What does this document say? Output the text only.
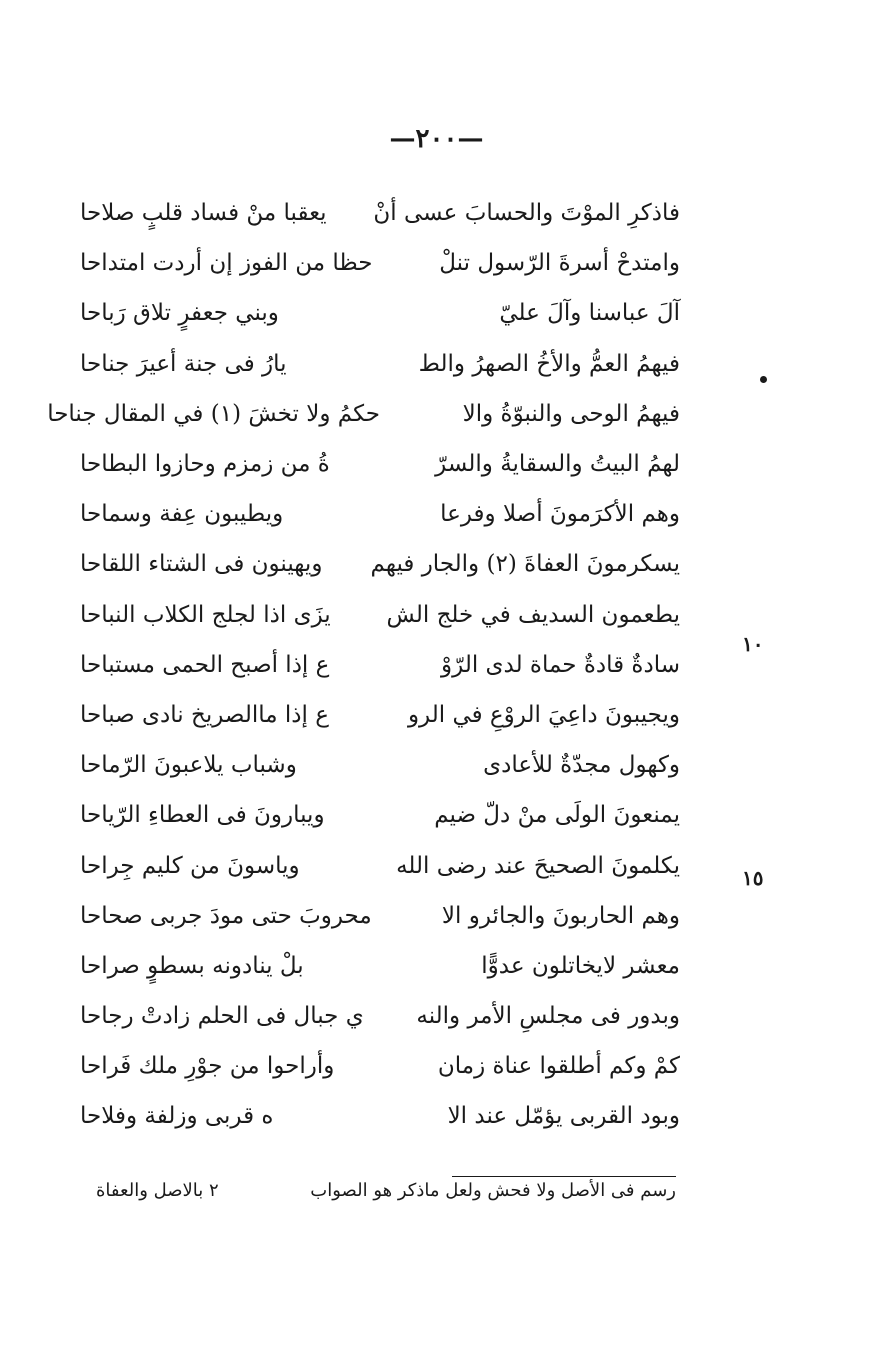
—٢٠٠—
١٠
١٥
فاذكرِ الموْتَ والحسابَ عسى أنْ
يعقبا منْ فساد قلبٍ صلاحا
وامتدحْ أسرةَ الرّسول تنلْ
حظا من الفوز إن أردت امتداحا
آلَ عباسنا وآلَ عليّ
وبني جعفرٍ تلاق رَباحا
فيهمُ العمُّ والأخُ الصهرُ والط
يارُ فى جنة أعيرَ جناحا
فيهمُ الوحى والنبوّةُ والا
حكمُ ولا تخشَ (١) في المقال جناحا
لهمُ البيتُ والسقايةُ والسرّ
ةُ من زمزم وحازوا البطاحا
وهم الأكرَمونَ أصلا وفرعا
ويطيبون عِفة وسماحا
يسكرمونَ العفاةَ (٢) والجار فيهم
ويهينون فى الشتاء اللقاحا
يطعمون السديف في خلج الش
يزَى اذا لجلج الكلاب النباحا
سادةٌ قادةٌ حماة لدى الرّوْ
ع إذا أصبح الحمى مستباحا
ويجيبونَ داعِيَ الروْعِ في الرو
ع إذا ماالصريخ نادى صباحا
وكهول مجدّةٌ للأعادى
وشباب يلاعبونَ الرّماحا
يمنعونَ الولَى منْ دلّ ضيم
ويبارونَ فى العطاءِ الرّياحا
يكلمونَ الصحيحَ عند رضى الله
وياسونَ من كليم جِراحا
وهم الحاربونَ والجائرو الا
محروبَ حتى مودَ جربى صحاحا
معشر لايخاتلون عدوًّا
بلْ ينادونه بسطوٍ صراحا
وبدور فى مجلسِ الأمر والنه
ي جبال فى الحلم زادتْ رجاحا
كمْ وكم أطلقوا عناة زمان
وأراحوا من جوْرِ ملك فَراحا
وبود القربى يؤمّل عند الا
ه قربى وزلفة وفلاحا
رسم فى الأصل ولا فحش ولعل ماذكر هو الصواب
٢ بالاصل والعفاة
